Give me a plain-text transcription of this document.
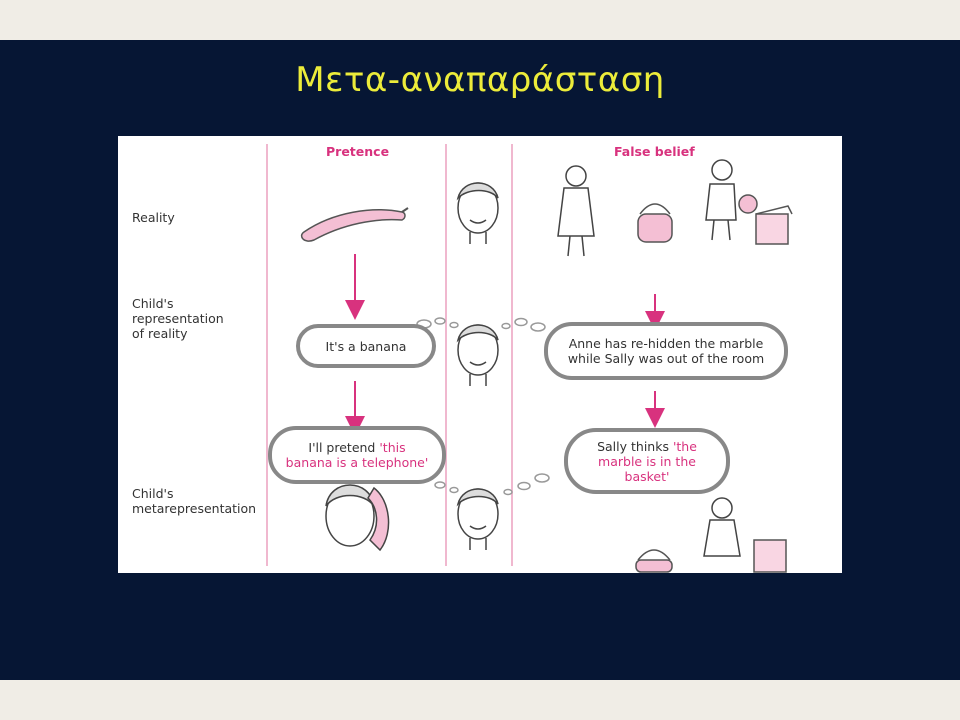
Μετα-αναπαράσταση
Pretence	False belief
Reality
Child's
representation
of reality
Child's
metarepresentation
It's a banana
I'll pretend 'this
banana is a telephone'
Anne has re-hidden the marble
while Sally was out of the room
Sally thinks 'the
marble is in the
basket'
